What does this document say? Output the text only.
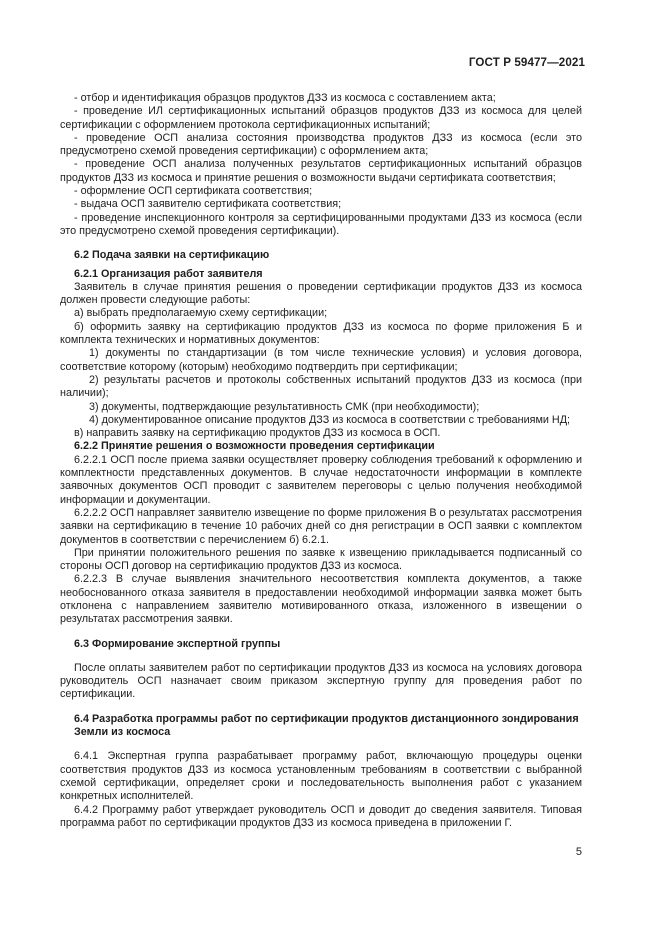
ГОСТ Р 59477—2021
- отбор и идентификация образцов продуктов ДЗЗ из космоса с составлением акта;
- проведение ИЛ сертификационных испытаний образцов продуктов ДЗЗ из космоса для целей сертификации с оформлением протокола сертификационных испытаний;
- проведение ОСП анализа состояния производства продуктов ДЗЗ из космоса (если это предусмотрено схемой проведения сертификации) с оформлением акта;
- проведение ОСП анализа полученных результатов сертификационных испытаний образцов продуктов ДЗЗ из космоса и принятие решения о возможности выдачи сертификата соответствия;
- оформление ОСП сертификата соответствия;
- выдача ОСП заявителю сертификата соответствия;
- проведение инспекционного контроля за сертифицированными продуктами ДЗЗ из космоса (если это предусмотрено схемой проведения сертификации).
6.2 Подача заявки на сертификацию
6.2.1 Организация работ заявителя
Заявитель в случае принятия решения о проведении сертификации продуктов ДЗЗ из космоса должен провести следующие работы:
а) выбрать предполагаемую схему сертификации;
б) оформить заявку на сертификацию продуктов ДЗЗ из космоса по форме приложения Б и комплекта технических и нормативных документов:
1) документы по стандартизации (в том числе технические условия) и условия договора, соответствие которому (которым) необходимо подтвердить при сертификации;
2) результаты расчетов и протоколы собственных испытаний продуктов ДЗЗ из космоса (при наличии);
3) документы, подтверждающие результативность СМК (при необходимости);
4) документированное описание продуктов ДЗЗ из космоса в соответствии с требованиями НД;
в) направить заявку на сертификацию продуктов ДЗЗ из космоса в ОСП.
6.2.2 Принятие решения о возможности проведения сертификации
6.2.2.1 ОСП после приема заявки осуществляет проверку соблюдения требований к оформлению и комплектности представленных документов. В случае недостаточности информации в комплекте заявочных документов ОСП проводит с заявителем переговоры с целью получения необходимой информации и документации.
6.2.2.2 ОСП направляет заявителю извещение по форме приложения В о результатах рассмотрения заявки на сертификацию в течение 10 рабочих дней со дня регистрации в ОСП заявки с комплектом документов в соответствии с перечислением б) 6.2.1.
При принятии положительного решения по заявке к извещению прикладывается подписанный со стороны ОСП договор на сертификацию продуктов ДЗЗ из космоса.
6.2.2.3 В случае выявления значительного несоответствия комплекта документов, а также необоснованного отказа заявителя в предоставлении необходимой информации заявка может быть отклонена с направлением заявителю мотивированного отказа, изложенного в извещении о результатах рассмотрения заявки.
6.3 Формирование экспертной группы
После оплаты заявителем работ по сертификации продуктов ДЗЗ из космоса на условиях договора руководитель ОСП назначает своим приказом экспертную группу для проведения работ по сертификации.
6.4 Разработка программы работ по сертификации продуктов дистанционного зондирования Земли из космоса
6.4.1 Экспертная группа разрабатывает программу работ, включающую процедуры оценки соответствия продуктов ДЗЗ из космоса установленным требованиям в соответствии с выбранной схемой сертификации, определяет сроки и последовательность выполнения работ с указанием конкретных исполнителей.
6.4.2 Программу работ утверждает руководитель ОСП и доводит до сведения заявителя. Типовая программа работ по сертификации продуктов ДЗЗ из космоса приведена в приложении Г.
5
